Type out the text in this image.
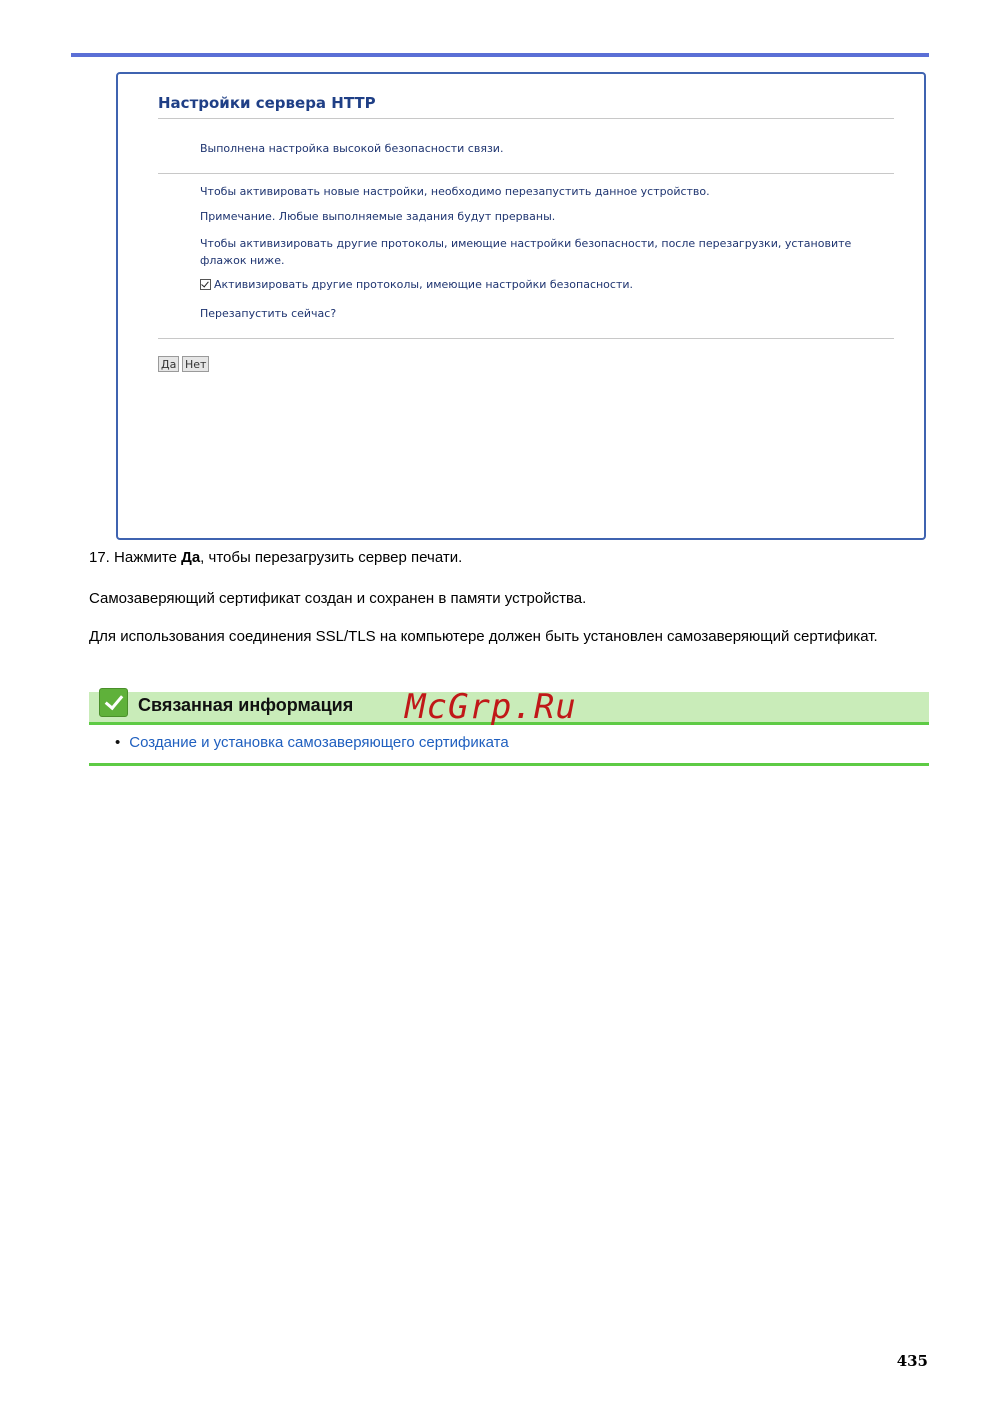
Настройки сервера HTTP
Выполнена настройка высокой безопасности связи.
Чтобы активировать новые настройки, необходимо перезапустить данное устройство.
Примечание. Любые выполняемые задания будут прерваны.
Чтобы активизировать другие протоколы, имеющие настройки безопасности, после перезагрузки, установите флажок ниже.
Активизировать другие протоколы, имеющие настройки безопасности.
Перезапустить сейчас?
Да Нет
17. Нажмите Да, чтобы перезагрузить сервер печати.
Самозаверяющий сертификат создан и сохранен в памяти устройства.
Для использования соединения SSL/TLS на компьютере должен быть установлен самозаверяющий сертификат.
Связанная информация McGrp.Ru
• Создание и установка самозаверяющего сертификата
435
